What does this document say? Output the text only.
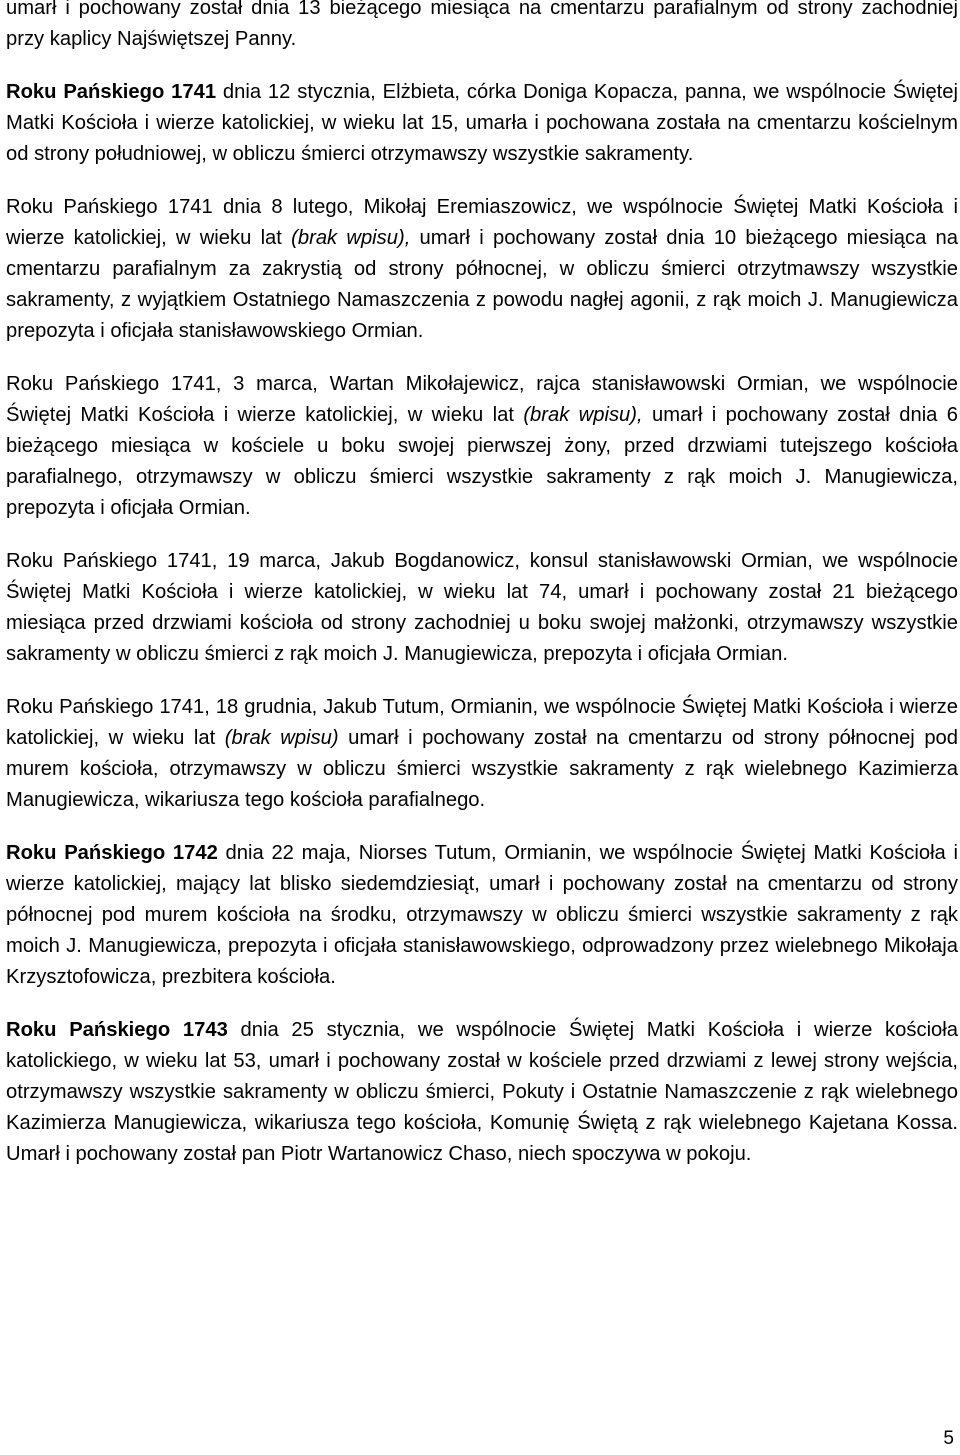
umarł i pochowany został dnia 13 bieżącego miesiąca na cmentarzu parafialnym od strony zachodniej przy kaplicy Najświętszej Panny.

Roku Pańskiego 1741 dnia 12 stycznia, Elżbieta, córka Doniga Kopacza, panna, we wspólnocie Świętej Matki Kościoła i wierze katolickiej, w wieku lat 15, umarła i pochowana została na cmentarzu kościelnym od strony południowej, w obliczu śmierci otrzymawszy wszystkie sakramenty.

Roku Pańskiego 1741 dnia 8 lutego, Mikołaj Eremiaszowicz, we wspólnocie Świętej Matki Kościoła i wierze katolickiej, w wieku lat (brak wpisu), umarł i pochowany został dnia 10 bieżącego miesiąca na cmentarzu parafialnym za zakrystią od strony północnej, w obliczu śmierci otrzytmawszy wszystkie sakramenty, z wyjątkiem Ostatniego Namaszczenia z powodu nagłej agonii, z rąk moich J. Manugiewicza prepozyta i oficjała stanisławowskiego Ormian.

Roku Pańskiego 1741, 3 marca, Wartan Mikołajewicz, rajca stanisławowski Ormian, we wspólnocie Świętej Matki Kościoła i wierze katolickiej, w wieku lat (brak wpisu), umarł i pochowany został dnia 6 bieżącego miesiąca w kościele u boku swojej pierwszej żony, przed drzwiami tutejszego kościoła parafialnego, otrzymawszy w obliczu śmierci wszystkie sakramenty z rąk moich J. Manugiewicza, prepozyta i oficjała Ormian.

Roku Pańskiego 1741, 19 marca, Jakub Bogdanowicz, konsul stanisławowski Ormian, we wspólnocie Świętej Matki Kościoła i wierze katolickiej, w wieku lat 74, umarł i pochowany został 21 bieżącego miesiąca przed drzwiami kościoła od strony zachodniej u boku swojej małżonki, otrzymawszy wszystkie sakramenty w obliczu śmierci z rąk moich J. Manugiewicza, prepozyta i oficjała Ormian.

Roku Pańskiego 1741, 18 grudnia, Jakub Tutum, Ormianin, we wspólnocie Świętej Matki Kościoła i wierze katolickiej, w wieku lat (brak wpisu) umarł i pochowany został na cmentarzu od strony północnej pod murem kościoła, otrzymawszy w obliczu śmierci wszystkie sakramenty z rąk wielebnego Kazimierza Manugiewicza, wikariusza tego kościoła parafialnego.

Roku Pańskiego 1742 dnia 22 maja, Niorses Tutum, Ormianin, we wspólnocie Świętej Matki Kościoła i wierze katolickiej, mający lat blisko siedemdziesiąt, umarł i pochowany został na cmentarzu od strony północnej pod murem kościoła na środku, otrzymawszy w obliczu śmierci wszystkie sakramenty z rąk moich J. Manugiewicza, prepozyta i oficjała stanisławowskiego, odprowadzony przez wielebnego Mikołaja Krzysztofowicza, prezbitera kościoła.

Roku Pańskiego 1743 dnia 25 stycznia, we wspólnocie Świętej Matki Kościoła i wierze kościoła katolickiego, w wieku lat 53, umarł i pochowany został w kościele przed drzwiami z lewej strony wejścia, otrzymawszy wszystkie sakramenty w obliczu śmierci, Pokuty i Ostatnie Namaszczenie z rąk wielebnego Kazimierza Manugiewicza, wikariusza tego kościoła, Komunię Świętą z rąk wielebnego Kajetana Kossa. Umarł i pochowany został pan Piotr Wartanowicz Chaso, niech spoczywa w pokoju.

5
